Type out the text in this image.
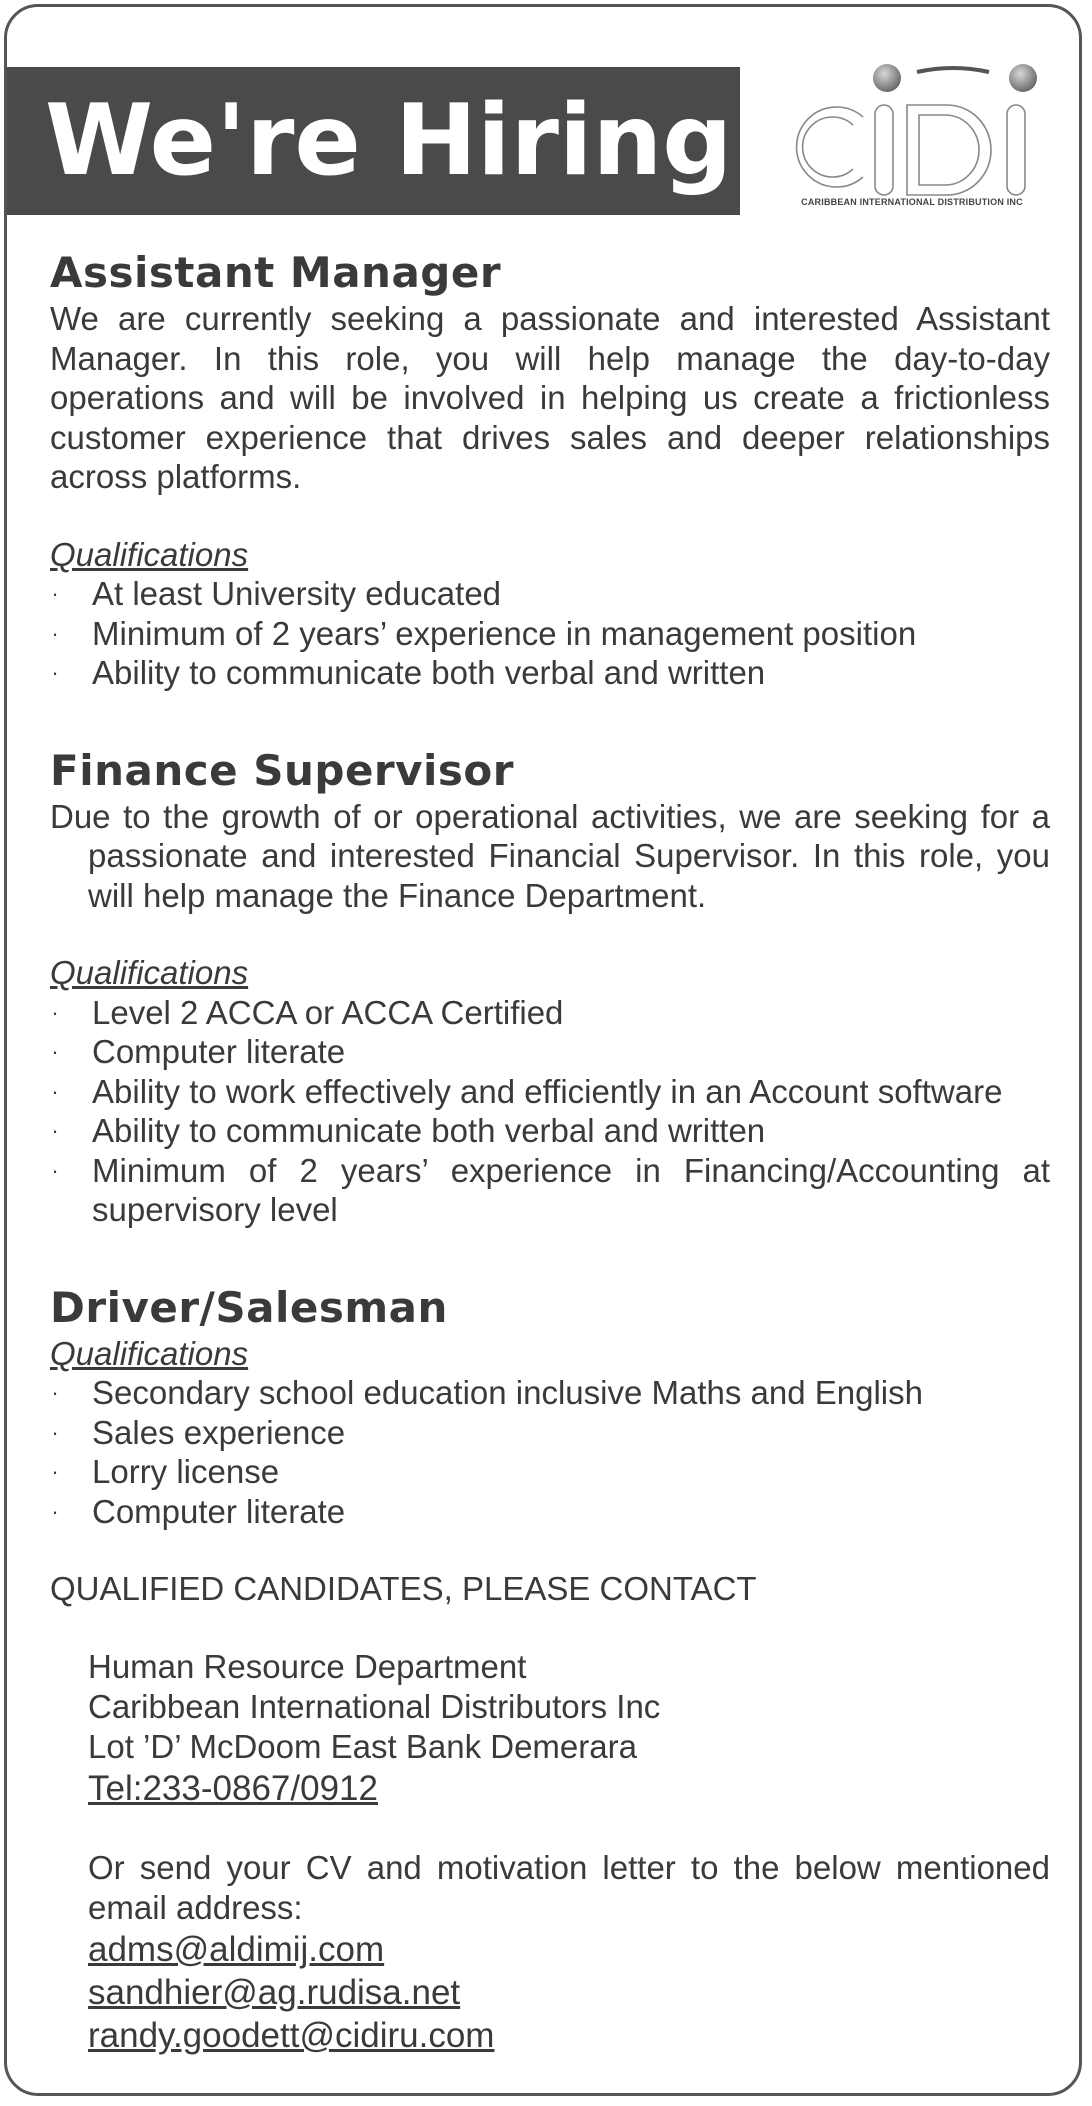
We're Hiring
CARIBBEAN INTERNATIONAL DISTRIBUTION INC
Assistant Manager

We are currently seeking a passionate and interested Assistant Manager. In this role, you will help manage the day-to-day operations and will be involved in helping us create a frictionless customer experience that drives sales and deeper relationships across platforms.

Qualifications

· At least University educated
· Minimum of 2 years’ experience in management position
· Ability to communicate both verbal and written
Finance Supervisor

Due to the growth of or operational activities, we are seeking for a passionate and interested Financial Supervisor. In this role, you will help manage the Finance Department.

Qualifications

· Level 2 ACCA or ACCA Certified
· Computer literate
· Ability to work effectively and efficiently in an Account software
· Ability to communicate both verbal and written
· Minimum of 2 years’ experience in Financing/Accounting at supervisory level
Driver/Salesman

Qualifications

· Secondary school education inclusive Maths and English
· Sales experience
· Lorry license
· Computer literate

QUALIFIED CANDIDATES, PLEASE CONTACT

Human Resource Department

Caribbean International Distributors Inc

Lot ’D’ McDoom East Bank Demerara

Tel:233-0867/0912

Or send your CV and motivation letter to the below mentioned email address:

adms@aldimij.com
sandhier@ag.rudisa.net
randy.goodett@cidiru.com
